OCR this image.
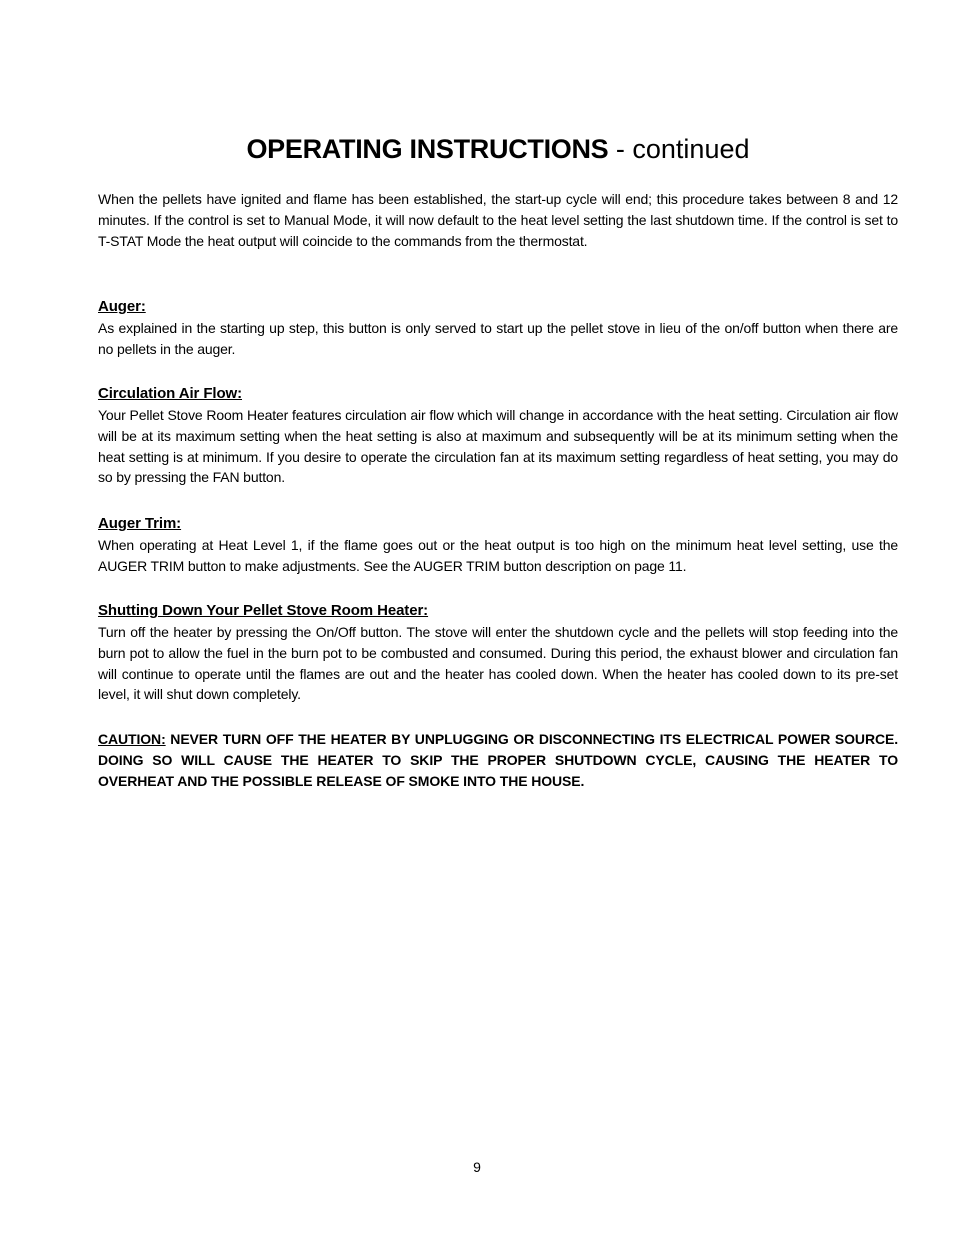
OPERATING INSTRUCTIONS - continued

When the pellets have ignited and flame has been established, the start-up cycle will end; this procedure takes between 8 and 12 minutes. If the control is set to Manual Mode, it will now default to the heat level setting the last shutdown time. If the control is set to T-STAT Mode the heat output will coincide to the commands from the thermostat.

Auger:

As explained in the starting up step, this button is only served to start up the pellet stove in lieu of the on/off button when there are no pellets in the auger.

Circulation Air Flow:

Your Pellet Stove Room Heater features circulation air flow which will change in accordance with the heat setting. Circulation air flow will be at its maximum setting when the heat setting is also at maximum and subsequently will be at its minimum setting when the heat setting is at minimum. If you desire to operate the circulation fan at its maximum setting regardless of heat setting, you may do so by pressing the FAN button.

Auger Trim:

When operating at Heat Level 1, if the flame goes out or the heat output is too high on the minimum heat level setting, use the AUGER TRIM button to make adjustments. See the AUGER TRIM button description on page 11.

Shutting Down Your Pellet Stove Room Heater:

Turn off the heater by pressing the On/Off button. The stove will enter the shutdown cycle and the pellets will stop feeding into the burn pot to allow the fuel in the burn pot to be combusted and consumed. During this period, the exhaust blower and circulation fan will continue to operate until the flames are out and the heater has cooled down. When the heater has cooled down to its pre-set level, it will shut down completely.

CAUTION: NEVER TURN OFF THE HEATER BY UNPLUGGING OR DISCONNECTING ITS ELECTRICAL POWER SOURCE. DOING SO WILL CAUSE THE HEATER TO SKIP THE PROPER SHUTDOWN CYCLE, CAUSING THE HEATER TO OVERHEAT AND THE POSSIBLE RELEASE OF SMOKE INTO THE HOUSE.

9
